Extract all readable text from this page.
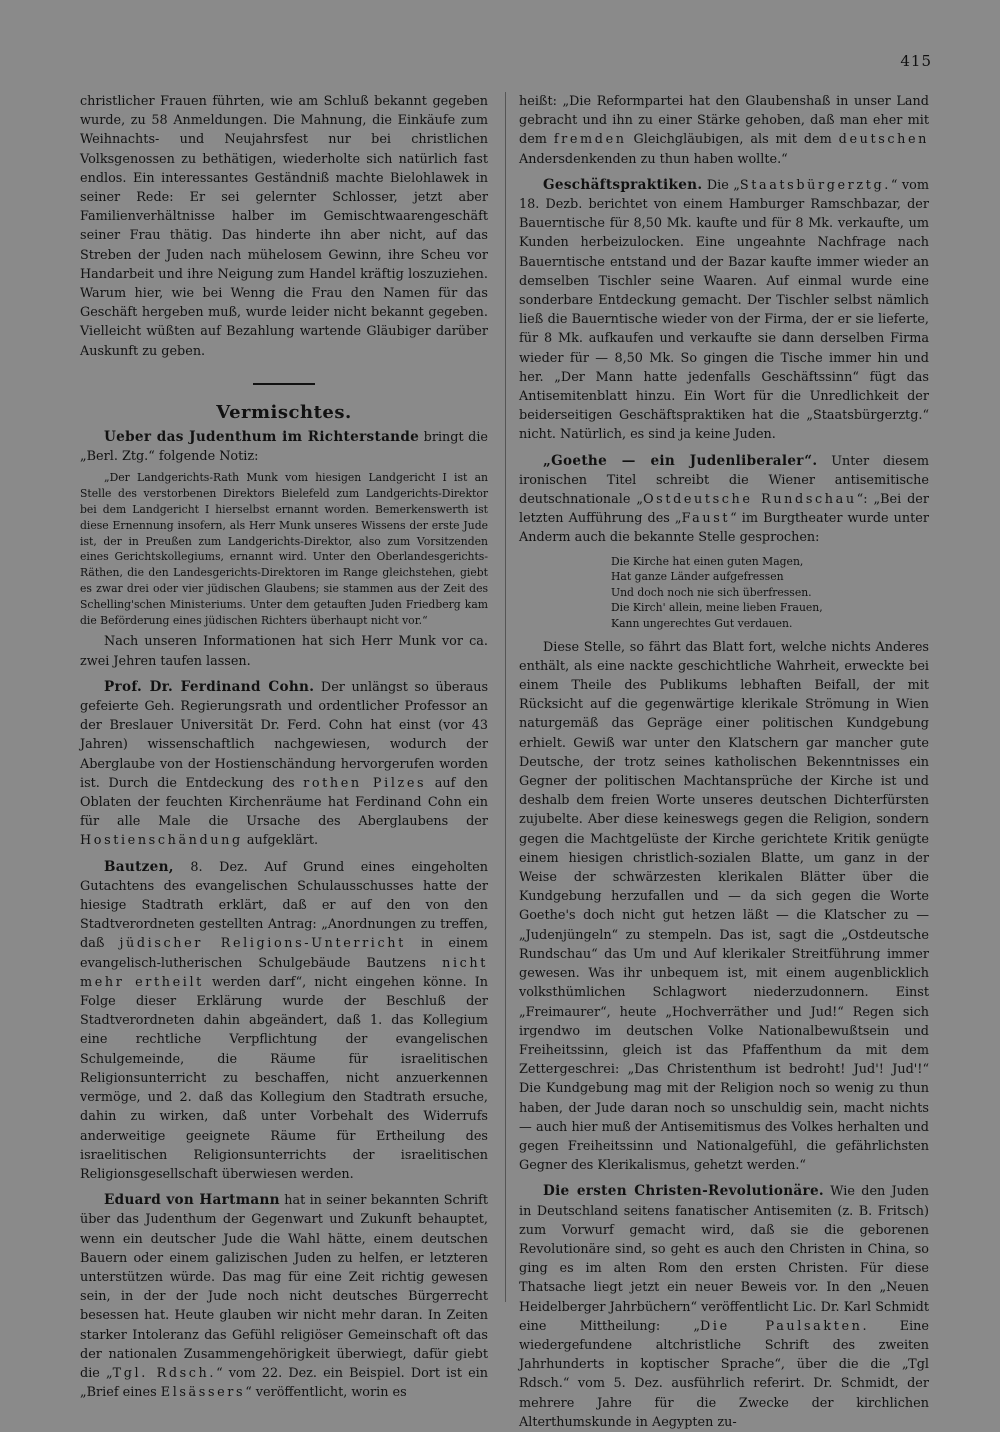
415

christlicher Frauen führten, wie am Schluß bekannt gegeben wurde, zu 58 Anmeldungen. Die Mahnung, die Einkäufe zum Weihnachts- und Neujahrsfest nur bei christlichen Volksgenossen zu bethätigen, wiederholte sich natürlich fast endlos. Ein interessantes Geständniß machte Bielohlawek in seiner Rede: Er sei gelernter Schlosser, jetzt aber Familienverhältnisse halber im Gemischtwaarengeschäft seiner Frau thätig. Das hinderte ihn aber nicht, auf das Streben der Juden nach mühelosem Gewinn, ihre Scheu vor Handarbeit und ihre Neigung zum Handel kräftig loszuziehen. Warum hier, wie bei Wenng die Frau den Namen für das Geschäft hergeben muß, wurde leider nicht bekannt gegeben. Vielleicht wüßten auf Bezahlung wartende Gläubiger darüber Auskunft zu geben.

Vermischtes.

Ueber das Judenthum im Richterstande bringt die „Berl. Ztg.“ folgende Notiz:

„Der Landgerichts-Rath Munk vom hiesigen Landgericht I ist an Stelle des verstorbenen Direktors Bielefeld zum Landgerichts-Direktor bei dem Landgericht I hierselbst ernannt worden. Bemerkenswerth ist diese Ernennung insofern, als Herr Munk unseres Wissens der erste Jude ist, der in Preußen zum Landgerichts-Direktor, also zum Vorsitzenden eines Gerichtskollegiums, ernannt wird. Unter den Oberlandesgerichts-Räthen, die den Landesgerichts-Direktoren im Range gleichstehen, giebt es zwar drei oder vier jüdischen Glaubens; sie stammen aus der Zeit des Schelling'schen Ministeriums. Unter dem getauften Juden Friedberg kam die Beförderung eines jüdischen Richters überhaupt nicht vor.“

Nach unseren Informationen hat sich Herr Munk vor ca. zwei Jehren taufen lassen.

Prof. Dr. Ferdinand Cohn. Der unlängst so überaus gefeierte Geh. Regierungsrath und ordentlicher Professor an der Breslauer Universität Dr. Ferd. Cohn hat einst (vor 43 Jahren) wissenschaftlich nachgewiesen, wodurch der Aberglaube von der Hostienschändung hervorgerufen worden ist. Durch die Entdeckung des rothen Pilzes auf den Oblaten der feuchten Kirchenräume hat Ferdinand Cohn ein für alle Male die Ursache des Aberglaubens der Hostienschändung aufgeklärt.

Bautzen, 8. Dez. Auf Grund eines eingeholten Gutachtens des evangelischen Schulausschusses hatte der hiesige Stadtrath erklärt, daß er auf den von den Stadtverordneten gestellten Antrag: „Anordnungen zu treffen, daß jüdischer Religions-Unterricht in einem evangelisch-lutherischen Schulgebäude Bautzens nicht mehr ertheilt werden darf“, nicht eingehen könne. In Folge dieser Erklärung wurde der Beschluß der Stadtverordneten dahin abgeändert, daß 1. das Kollegium eine rechtliche Verpflichtung der evangelischen Schulgemeinde, die Räume für israelitischen Religionsunterricht zu beschaffen, nicht anzuerkennen vermöge, und 2. daß das Kollegium den Stadtrath ersuche, dahin zu wirken, daß unter Vorbehalt des Widerrufs anderweitige geeignete Räume für Ertheilung des israelitischen Religionsunterrichts der israelitischen Religionsgesellschaft überwiesen werden.

Eduard von Hartmann hat in seiner bekannten Schrift über das Judenthum der Gegenwart und Zukunft behauptet, wenn ein deutscher Jude die Wahl hätte, einem deutschen Bauern oder einem galizischen Juden zu helfen, er letzteren unterstützen würde. Das mag für eine Zeit richtig gewesen sein, in der der Jude noch nicht deutsches Bürgerrecht besessen hat. Heute glauben wir nicht mehr daran. In Zeiten starker Intoleranz das Gefühl religiöser Gemeinschaft oft das der nationalen Zusammengehörigkeit überwiegt, dafür giebt die „Tgl. Rdsch.“ vom 22. Dez. ein Beispiel. Dort ist ein „Brief eines Elsässers“ veröffentlicht, worin es

heißt: „Die Reformpartei hat den Glaubenshaß in unser Land gebracht und ihn zu einer Stärke gehoben, daß man eher mit dem fremden Gleichgläubigen, als mit dem deutschen Andersdenkenden zu thun haben wollte.“

Geschäftspraktiken. Die „Staatsbürgerztg.“ vom 18. Dezb. berichtet von einem Hamburger Ramschbazar, der Bauerntische für 8,50 Mk. kaufte und für 8 Mk. verkaufte, um Kunden herbeizulocken. Eine ungeahnte Nachfrage nach Bauerntische entstand und der Bazar kaufte immer wieder an demselben Tischler seine Waaren. Auf einmal wurde eine sonderbare Entdeckung gemacht. Der Tischler selbst nämlich ließ die Bauerntische wieder von der Firma, der er sie lieferte, für 8 Mk. aufkaufen und verkaufte sie dann derselben Firma wieder für — 8,50 Mk. So gingen die Tische immer hin und her. „Der Mann hatte jedenfalls Geschäftssinn“ fügt das Antisemitenblatt hinzu. Ein Wort für die Unredlichkeit der beiderseitigen Geschäftspraktiken hat die „Staatsbürgerztg.“ nicht. Natürlich, es sind ja keine Juden.

„Goethe — ein Judenliberaler“. Unter diesem ironischen Titel schreibt die Wiener antisemitische deutschnationale „Ostdeutsche Rundschau“: „Bei der letzten Aufführung des „Faust“ im Burgtheater wurde unter Anderm auch die bekannte Stelle gesprochen:

Die Kirche hat einen guten Magen,
Hat ganze Länder aufgefressen
Und doch noch nie sich überfressen.
Die Kirch' allein, meine lieben Frauen,
Kann ungerechtes Gut verdauen.

Diese Stelle, so fährt das Blatt fort, welche nichts Anderes enthält, als eine nackte geschichtliche Wahrheit, erweckte bei einem Theile des Publikums lebhaften Beifall, der mit Rücksicht auf die gegenwärtige klerikale Strömung in Wien naturgemäß das Gepräge einer politischen Kundgebung erhielt. Gewiß war unter den Klatschern gar mancher gute Deutsche, der trotz seines katholischen Bekenntnisses ein Gegner der politischen Machtansprüche der Kirche ist und deshalb dem freien Worte unseres deutschen Dichterfürsten zujubelte. Aber diese keineswegs gegen die Religion, sondern gegen die Machtgelüste der Kirche gerichtete Kritik genügte einem hiesigen christlich-sozialen Blatte, um ganz in der Weise der schwärzesten klerikalen Blätter über die Kundgebung herzufallen und — da sich gegen die Worte Goethe's doch nicht gut hetzen läßt — die Klatscher zu — „Judenjüngeln“ zu stempeln. Das ist, sagt die „Ostdeutsche Rundschau“ das Um und Auf klerikaler Streitführung immer gewesen. Was ihr unbequem ist, mit einem augenblicklich volksthümlichen Schlagwort niederzudonnern. Einst „Freimaurer“, heute „Hochverräther und Jud!“ Regen sich irgendwo im deutschen Volke Nationalbewußtsein und Freiheitssinn, gleich ist das Pfaffenthum da mit dem Zettergeschrei: „Das Christenthum ist bedroht! Jud'! Jud'!“ Die Kundgebung mag mit der Religion noch so wenig zu thun haben, der Jude daran noch so unschuldig sein, macht nichts — auch hier muß der Antisemitismus des Volkes herhalten und gegen Freiheitssinn und Nationalgefühl, die gefährlichsten Gegner des Klerikalismus, gehetzt werden.“

Die ersten Christen-Revolutionäre. Wie den Juden in Deutschland seitens fanatischer Antisemiten (z. B. Fritsch) zum Vorwurf gemacht wird, daß sie die geborenen Revolutionäre sind, so geht es auch den Christen in China, so ging es im alten Rom den ersten Christen. Für diese Thatsache liegt jetzt ein neuer Beweis vor. In den „Neuen Heidelberger Jahrbüchern“ veröffentlicht Lic. Dr. Karl Schmidt eine Mittheilung: „Die Paulsakten. Eine wiedergefundene altchristliche Schrift des zweiten Jahrhunderts in koptischer Sprache“, über die die „Tgl Rdsch.“ vom 5. Dez. ausführlich referirt. Dr. Schmidt, der mehrere Jahre für die Zwecke der kirchlichen Alterthumskunde in Aegypten zu-
